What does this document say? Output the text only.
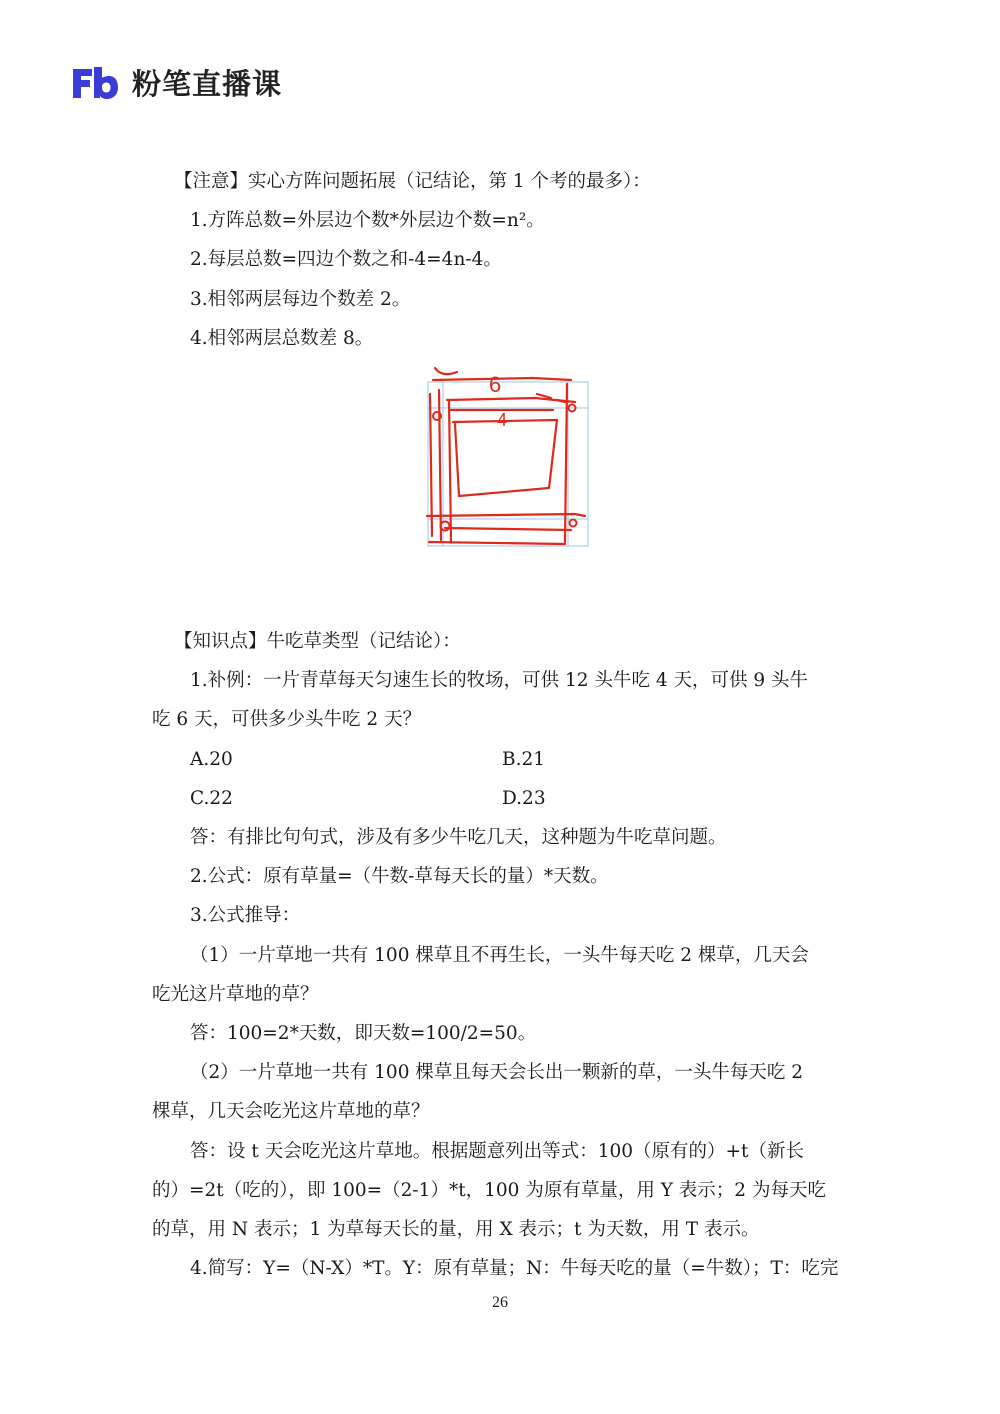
粉笔直播课
【注意】实心方阵问题拓展（记结论，第 1 个考的最多）：
1.方阵总数=外层边个数*外层边个数=n²。
2.每层总数=四边个数之和-4=4n-4。
3.相邻两层每边个数差 2。
4.相邻两层总数差 8。
【知识点】牛吃草类型（记结论）：
1.补例：一片青草每天匀速生长的牧场，可供 12 头牛吃 4 天，可供 9 头牛
吃 6 天，可供多少头牛吃 2 天？
A.20	B.21
C.22	D.23
答：有排比句句式，涉及有多少牛吃几天，这种题为牛吃草问题。
2.公式：原有草量=（牛数-草每天长的量）*天数。
3.公式推导：
（1）一片草地一共有 100 棵草且不再生长，一头牛每天吃 2 棵草，几天会
吃光这片草地的草？
答：100=2*天数，即天数=100/2=50。
（2）一片草地一共有 100 棵草且每天会长出一颗新的草，一头牛每天吃 2
棵草，几天会吃光这片草地的草？
答：设 t 天会吃光这片草地。根据题意列出等式：100（原有的）+t（新长
的）=2t（吃的），即 100=（2-1）*t，100 为原有草量，用 Y 表示；2 为每天吃
的草，用 N 表示；1 为草每天长的量，用 X 表示；t 为天数，用 T 表示。
4.简写：Y=（N-X）*T。Y：原有草量；N：牛每天吃的量（=牛数）；T：吃完
6
4
26
